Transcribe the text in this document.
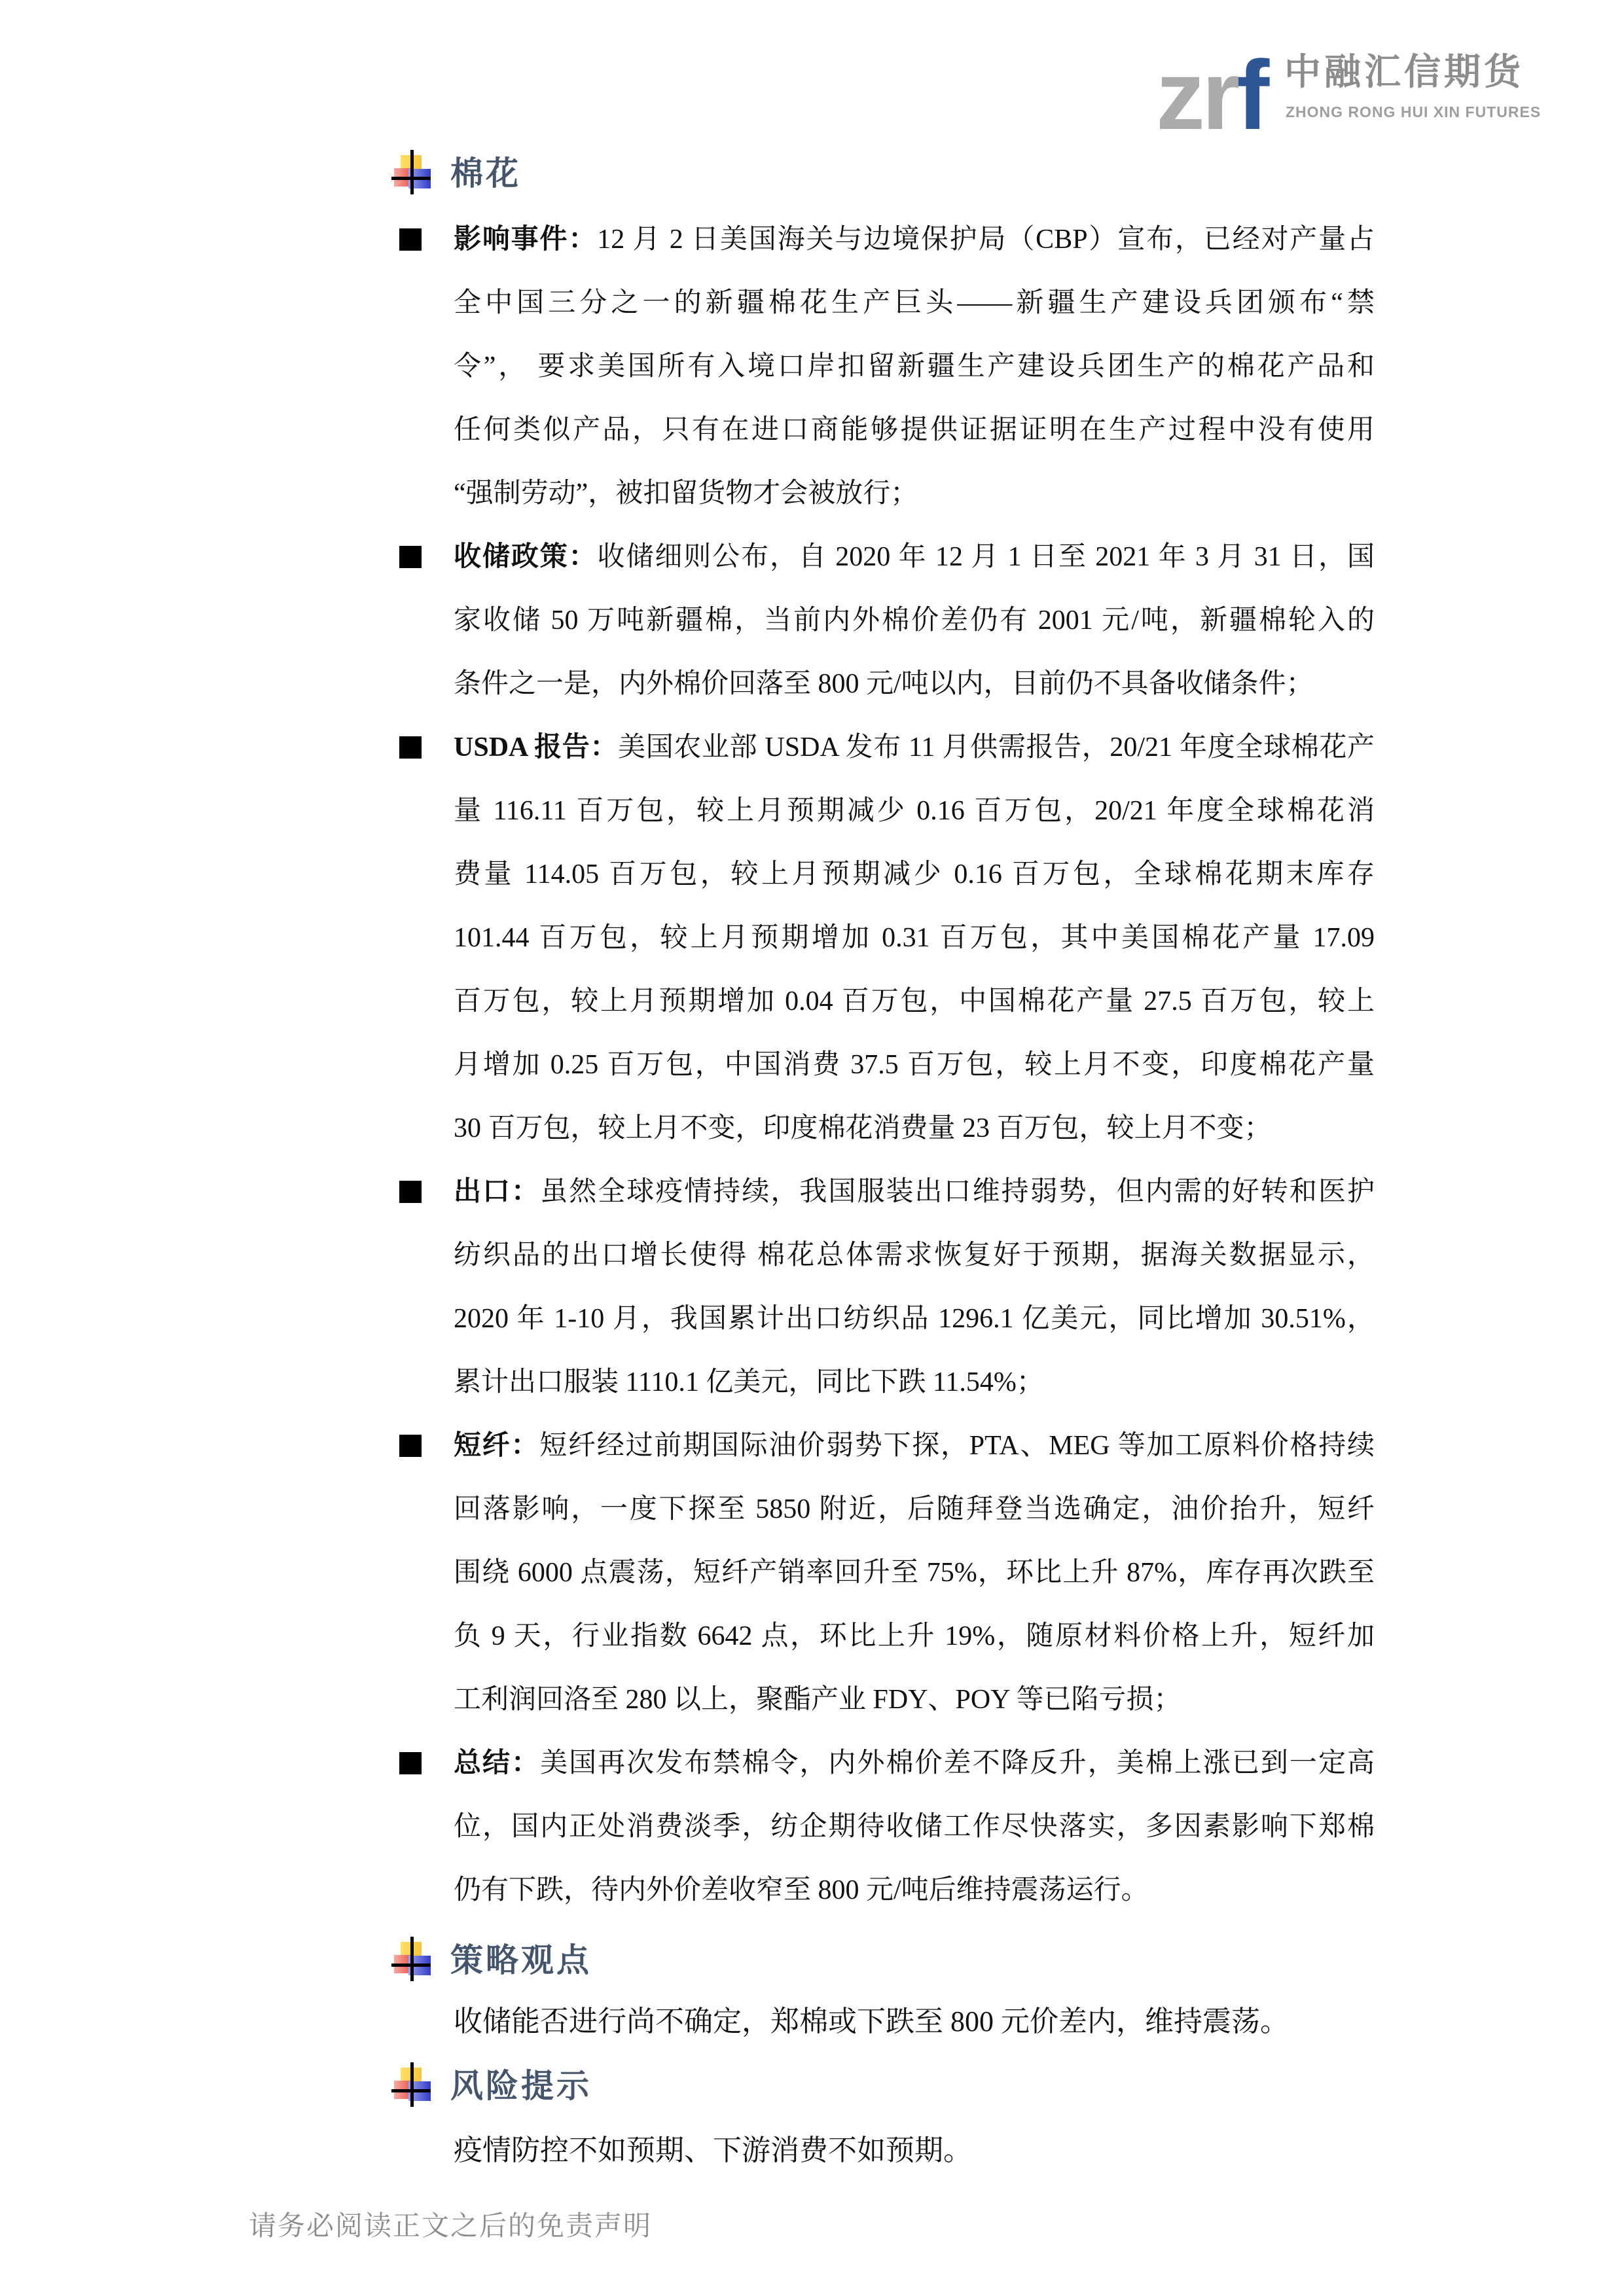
zrf 中融汇信期货
ZHONG RONG HUI XIN FUTURES
棉花
影响事件：12 月 2 日美国海关与边境保护局（CBP）宣布，已经对产量占
全中国三分之一的新疆棉花生产巨头——新疆生产建设兵团颁布“禁
令”， 要求美国所有入境口岸扣留新疆生产建设兵团生产的棉花产品和
任何类似产品，只有在进口商能够提供证据证明在生产过程中没有使用
“强制劳动”，被扣留货物才会被放行；
收储政策：收储细则公布，自 2020 年 12 月 1 日至 2021 年 3 月 31 日，国
家收储 50 万吨新疆棉，当前内外棉价差仍有 2001 元/吨，新疆棉轮入的
条件之一是，内外棉价回落至 800 元/吨以内，目前仍不具备收储条件；
USDA 报告：美国农业部 USDA 发布 11 月供需报告，20/21 年度全球棉花产
量 116.11 百万包，较上月预期减少 0.16 百万包，20/21 年度全球棉花消
费量 114.05 百万包，较上月预期减少 0.16 百万包，全球棉花期末库存
101.44 百万包，较上月预期增加 0.31 百万包，其中美国棉花产量 17.09
百万包，较上月预期增加 0.04 百万包，中国棉花产量 27.5 百万包，较上
月增加 0.25 百万包，中国消费 37.5 百万包，较上月不变，印度棉花产量
30 百万包，较上月不变，印度棉花消费量 23 百万包，较上月不变；
出口：虽然全球疫情持续，我国服装出口维持弱势，但内需的好转和医护
纺织品的出口增长使得 棉花总体需求恢复好于预期，据海关数据显示，
2020 年 1-10 月，我国累计出口纺织品 1296.1 亿美元，同比增加 30.51%，
累计出口服装 1110.1 亿美元，同比下跌 11.54%；
短纤：短纤经过前期国际油价弱势下探，PTA、MEG 等加工原料价格持续
回落影响，一度下探至 5850 附近，后随拜登当选确定，油价抬升，短纤
围绕 6000 点震荡，短纤产销率回升至 75%，环比上升 87%，库存再次跌至
负 9 天，行业指数 6642 点，环比上升 19%，随原材料价格上升，短纤加
工利润回洛至 280 以上，聚酯产业 FDY、POY 等已陷亏损；
总结：美国再次发布禁棉令，内外棉价差不降反升，美棉上涨已到一定高
位，国内正处消费淡季，纺企期待收储工作尽快落实，多因素影响下郑棉
仍有下跌，待内外价差收窄至 800 元/吨后维持震荡运行。
策略观点
收储能否进行尚不确定，郑棉或下跌至 800 元价差内，维持震荡。
风险提示
疫情防控不如预期、下游消费不如预期。
请务必阅读正文之后的免责声明
